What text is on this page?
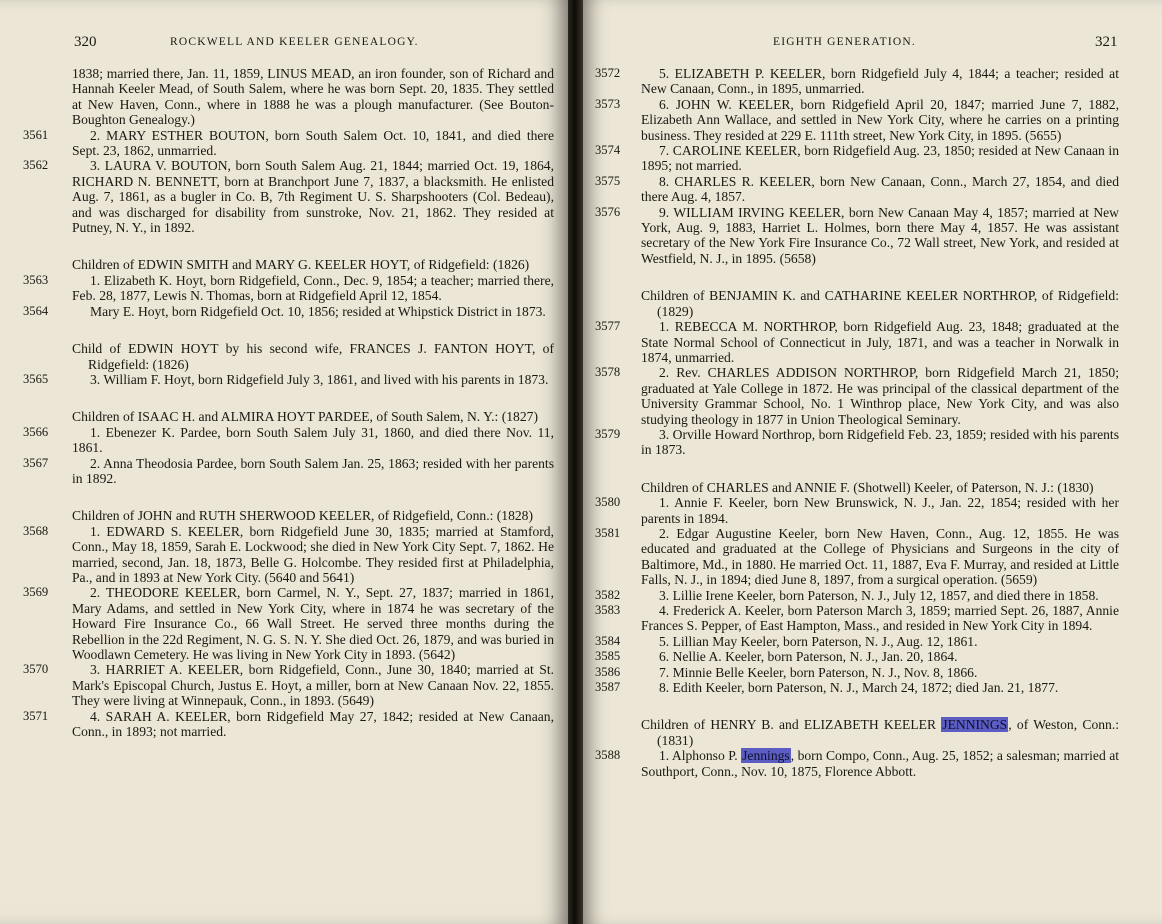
320	ROCKWELL AND KEELER GENEALOGY.
1838; married there, Jan. 11, 1859, LINUS MEAD, an iron founder, son of Richard and Hannah Keeler Mead, of South Salem, where he was born Sept. 20, 1835. They settled at New Haven, Conn., where in 1888 he was a plough manufacturer. (See Bouton-Boughton Genealogy.)
3561	2. MARY ESTHER BOUTON, born South Salem Oct. 10, 1841, and died there Sept. 23, 1862, unmarried.
3562	3. LAURA V. BOUTON, born South Salem Aug. 21, 1844; married Oct. 19, 1864, RICHARD N. BENNETT, born at Branchport June 7, 1837, a blacksmith. He enlisted Aug. 7, 1861, as a bugler in Co. B, 7th Regiment U. S. Sharpshooters (Col. Bedeau), and was discharged for disability from sunstroke, Nov. 21, 1862. They resided at Putney, N. Y., in 1892.
Children of EDWIN SMITH and MARY G. KEELER HOYT, of Ridgefield: (1826)
3563	1. Elizabeth K. Hoyt, born Ridgefield, Conn., Dec. 9, 1854; a teacher; married there, Feb. 28, 1877, Lewis N. Thomas, born at Ridgefield April 12, 1854.
3564	Mary E. Hoyt, born Ridgefield Oct. 10, 1856; resided at Whipstick District in 1873.
Child of EDWIN HOYT by his second wife, FRANCES J. FANTON HOYT, of Ridgefield: (1826)
3565	3. William F. Hoyt, born Ridgefield July 3, 1861, and lived with his parents in 1873.
Children of ISAAC H. and ALMIRA HOYT PARDEE, of South Salem, N. Y.: (1827)
3566	1. Ebenezer K. Pardee, born South Salem July 31, 1860, and died there Nov. 11, 1861.
3567	2. Anna Theodosia Pardee, born South Salem Jan. 25, 1863; resided with her parents in 1892.
Children of JOHN and RUTH SHERWOOD KEELER, of Ridgefield, Conn.: (1828)
3568	1. EDWARD S. KEELER, born Ridgefield June 30, 1835; married at Stamford, Conn., May 18, 1859, Sarah E. Lockwood; she died in New York City Sept. 7, 1862. He married, second, Jan. 18, 1873, Belle G. Holcombe. They resided first at Philadelphia, Pa., and in 1893 at New York City. (5640 and 5641)
3569	2. THEODORE KEELER, born Carmel, N. Y., Sept. 27, 1837; married in 1861, Mary Adams, and settled in New York City, where in 1874 he was secretary of the Howard Fire Insurance Co., 66 Wall Street. He served three months during the Rebellion in the 22d Regiment, N. G. S. N. Y. She died Oct. 26, 1879, and was buried in Woodlawn Cemetery. He was living in New York City in 1893. (5642)
3570	3. HARRIET A. KEELER, born Ridgefield, Conn., June 30, 1840; married at St. Mark's Episcopal Church, Justus E. Hoyt, a miller, born at New Canaan Nov. 22, 1855. They were living at Winnepauk, Conn., in 1893. (5649)
3571	4. SARAH A. KEELER, born Ridgefield May 27, 1842; resided at New Canaan, Conn., in 1893; not married.
EIGHTH GENERATION.	321
3572	5. ELIZABETH P. KEELER, born Ridgefield July 4, 1844; a teacher; resided at New Canaan, Conn., in 1895, unmarried.
3573	6. JOHN W. KEELER, born Ridgefield April 20, 1847; married June 7, 1882, Elizabeth Ann Wallace, and settled in New York City, where he carries on a printing business. They resided at 229 E. 111th street, New York City, in 1895. (5655)
3574	7. CAROLINE KEELER, born Ridgefield Aug. 23, 1850; resided at New Canaan in 1895; not married.
3575	8. CHARLES R. KEELER, born New Canaan, Conn., March 27, 1854, and died there Aug. 4, 1857.
3576	9. WILLIAM IRVING KEELER, born New Canaan May 4, 1857; married at New York, Aug. 9, 1883, Harriet L. Holmes, born there May 4, 1857. He was assistant secretary of the New York Fire Insurance Co., 72 Wall street, New York, and resided at Westfield, N. J., in 1895. (5658)
Children of BENJAMIN K. and CATHARINE KEELER NORTHROP, of Ridgefield: (1829)
3577	1. REBECCA M. NORTHROP, born Ridgefield Aug. 23, 1848; graduated at the State Normal School of Connecticut in July, 1871, and was a teacher in Norwalk in 1874, unmarried.
3578	2. Rev. CHARLES ADDISON NORTHROP, born Ridgefield March 21, 1850; graduated at Yale College in 1872. He was principal of the classical department of the University Grammar School, No. 1 Winthrop place, New York City, and was also studying theology in 1877 in Union Theological Seminary.
3579	3. Orville Howard Northrop, born Ridgefield Feb. 23, 1859; resided with his parents in 1873.
Children of CHARLES and ANNIE F. (Shotwell) Keeler, of Paterson, N. J.: (1830)
3580	1. Annie F. Keeler, born New Brunswick, N. J., Jan. 22, 1854; resided with her parents in 1894.
3581	2. Edgar Augustine Keeler, born New Haven, Conn., Aug. 12, 1855. He was educated and graduated at the College of Physicians and Surgeons in the city of Baltimore, Md., in 1880. He married Oct. 11, 1887, Eva F. Murray, and resided at Little Falls, N. J., in 1894; died June 8, 1897, from a surgical operation. (5659)
3582	3. Lillie Irene Keeler, born Paterson, N. J., July 12, 1857, and died there in 1858.
3583	4. Frederick A. Keeler, born Paterson March 3, 1859; married Sept. 26, 1887, Annie Frances S. Pepper, of East Hampton, Mass., and resided in New York City in 1894.
3584	5. Lillian May Keeler, born Paterson, N. J., Aug. 12, 1861.
3585	6. Nellie A. Keeler, born Paterson, N. J., Jan. 20, 1864.
3586	7. Minnie Belle Keeler, born Paterson, N. J., Nov. 8, 1866.
3587	8. Edith Keeler, born Paterson, N. J., March 24, 1872; died Jan. 21, 1877.
Children of HENRY B. and ELIZABETH KEELER JENNINGS, of Weston, Conn.: (1831)
3588	1. Alphonso P. Jennings, born Compo, Conn., Aug. 25, 1852; a salesman; married at Southport, Conn., Nov. 10, 1875, Florence Abbott.
